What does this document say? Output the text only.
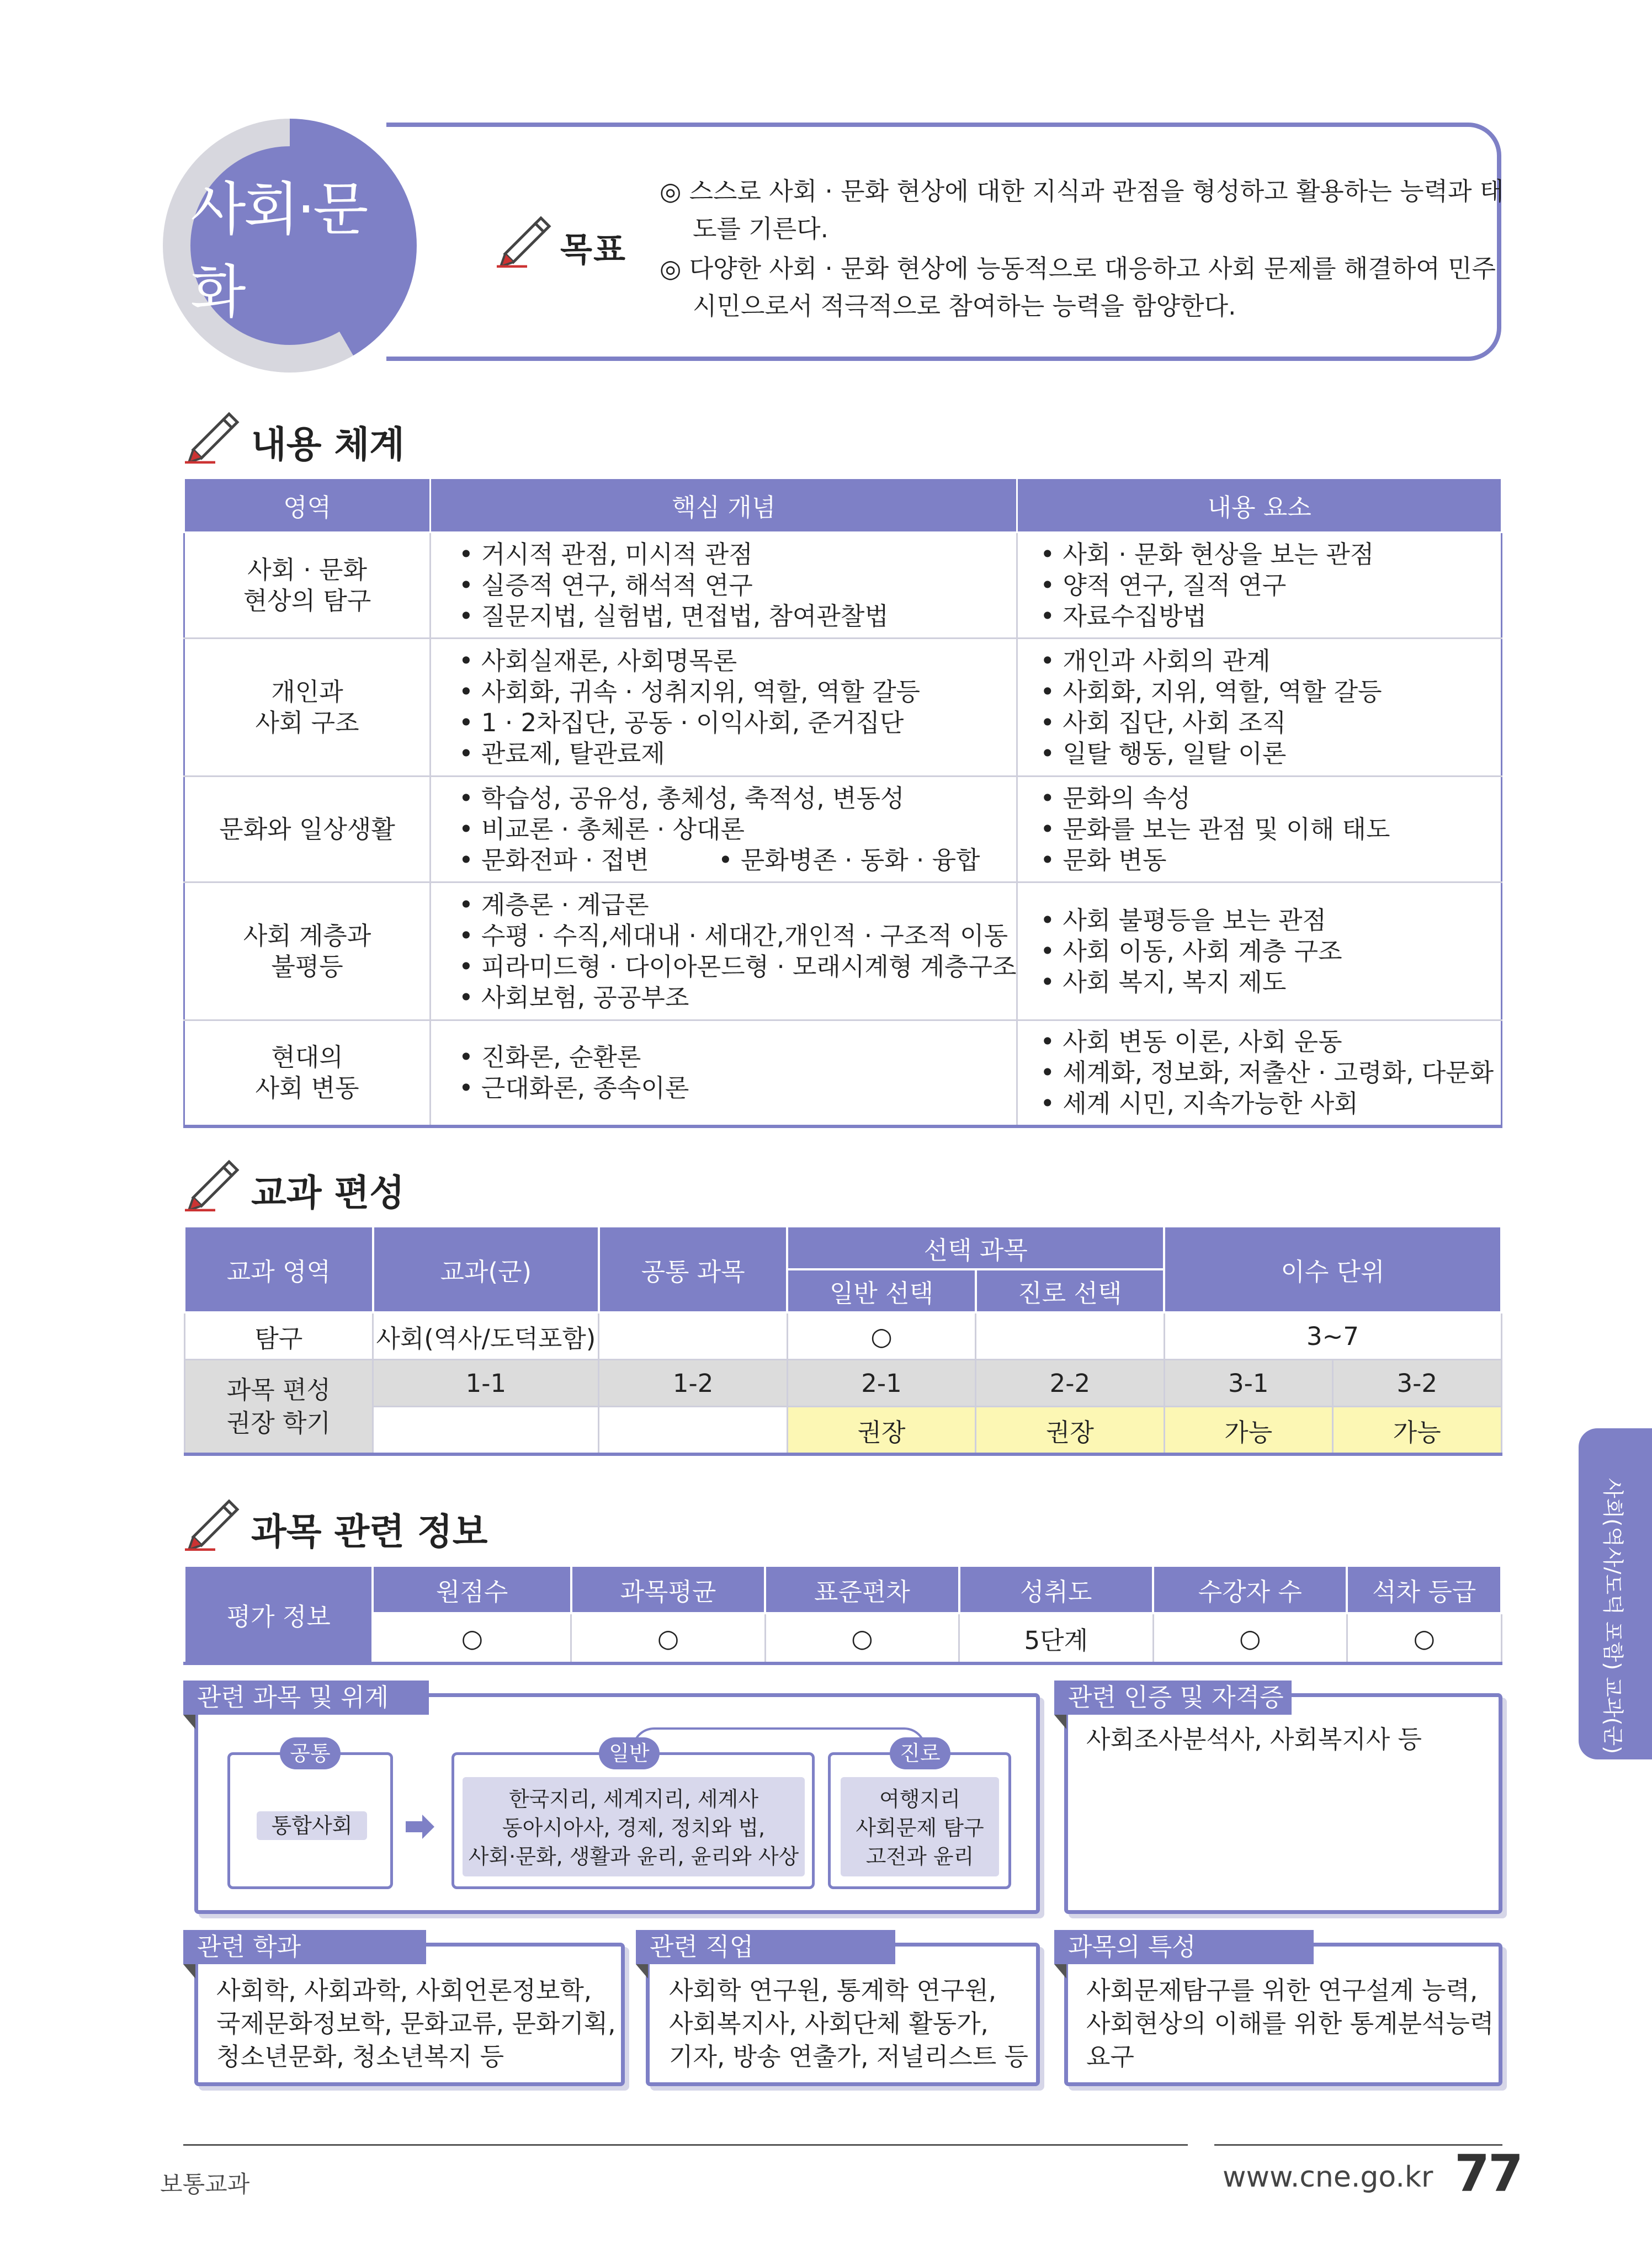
사회·문화
목표
◎ 스스로 사회 · 문화 현상에 대한 지식과 관점을 형성하고 활용하는 능력과 태도를 기른다.
◎ 다양한 사회 · 문화 현상에 능동적으로 대응하고 사회 문제를 해결하여 민주 시민으로서 적극적으로 참여하는 능력을 함양한다.
내용 체계
영역	핵심 개념	내용 요소

사회 · 문화
현상의 탐구	• 거시적 관점, 미시적 관점
• 실증적 연구, 해석적 연구
• 질문지법, 실험법, 면접법, 참여관찰법	• 사회 · 문화 현상을 보는 관점
• 양적 연구, 질적 연구
• 자료수집방법

개인과
사회 구조	• 사회실재론, 사회명목론
• 사회화, 귀속 · 성취지위, 역할, 역할 갈등
• 1 · 2차집단, 공동 · 이익사회, 준거집단
• 관료제, 탈관료제	• 개인과 사회의 관계
• 사회화, 지위, 역할, 역할 갈등
• 사회 집단, 사회 조직
• 일탈 행동, 일탈 이론

문화와 일상생활	• 학습성, 공유성, 총체성, 축적성, 변동성
• 비교론 · 총체론 · 상대론
• 문화전파 · 접변 • 문화병존 · 동화 · 융합	• 문화의 속성
• 문화를 보는 관점 및 이해 태도
• 문화 변동

사회 계층과
불평등	• 계층론 · 계급론
• 수평 · 수직,세대내 · 세대간,개인적 · 구조적 이동
• 피라미드형 · 다이아몬드형 · 모래시계형 계층구조
• 사회보험, 공공부조	• 사회 불평등을 보는 관점
• 사회 이동, 사회 계층 구조
• 사회 복지, 복지 제도

현대의
사회 변동	• 진화론, 순환론
• 근대화론, 종속이론	• 사회 변동 이론, 사회 운동
• 세계화, 정보화, 저출산 · 고령화, 다문화
• 세계 시민, 지속가능한 사회
교과 편성
교과 영역	교과(군)	공통 과목	선택 과목		이수 단위	
			일반 선택	진로 선택		
탐구	사회(역사/도덕포함)		○		3~7	
과목 편성 권장 학기	1-1	1-2	2-1	2-2	3-1	3-2
			권장	권장	가능	가능
과목 관련 정보
평가 정보	원점수	과목평균	표준편차	성취도	수강자 수	석차 등급
	○	○	○	5단계	○	○
관련 과목 및 위계
공통
통합사회
일반	진로
한국지리, 세계지리, 세계사
동아시아사, 경제, 정치와 법,
사회·문화, 생활과 윤리, 윤리와 사상
여행지리
사회문제 탐구
고전과 윤리
관련 인증 및 자격증
사회조사분석사, 사회복지사 등
관련 학과
사회학, 사회과학, 사회언론정보학,
국제문화정보학, 문화교류, 문화기획,
청소년문화, 청소년복지 등
관련 직업
사회학 연구원, 통계학 연구원,
사회복지사, 사회단체 활동가,
기자, 방송 연출가, 저널리스트 등
과목의 특성
사회문제탐구를 위한 연구설계 능력,
사회현상의 이해를 위한 통계분석능력
요구
사회(역사/도덕 포함) 교과(군)
보통교과	www.cne.go.kr 77
